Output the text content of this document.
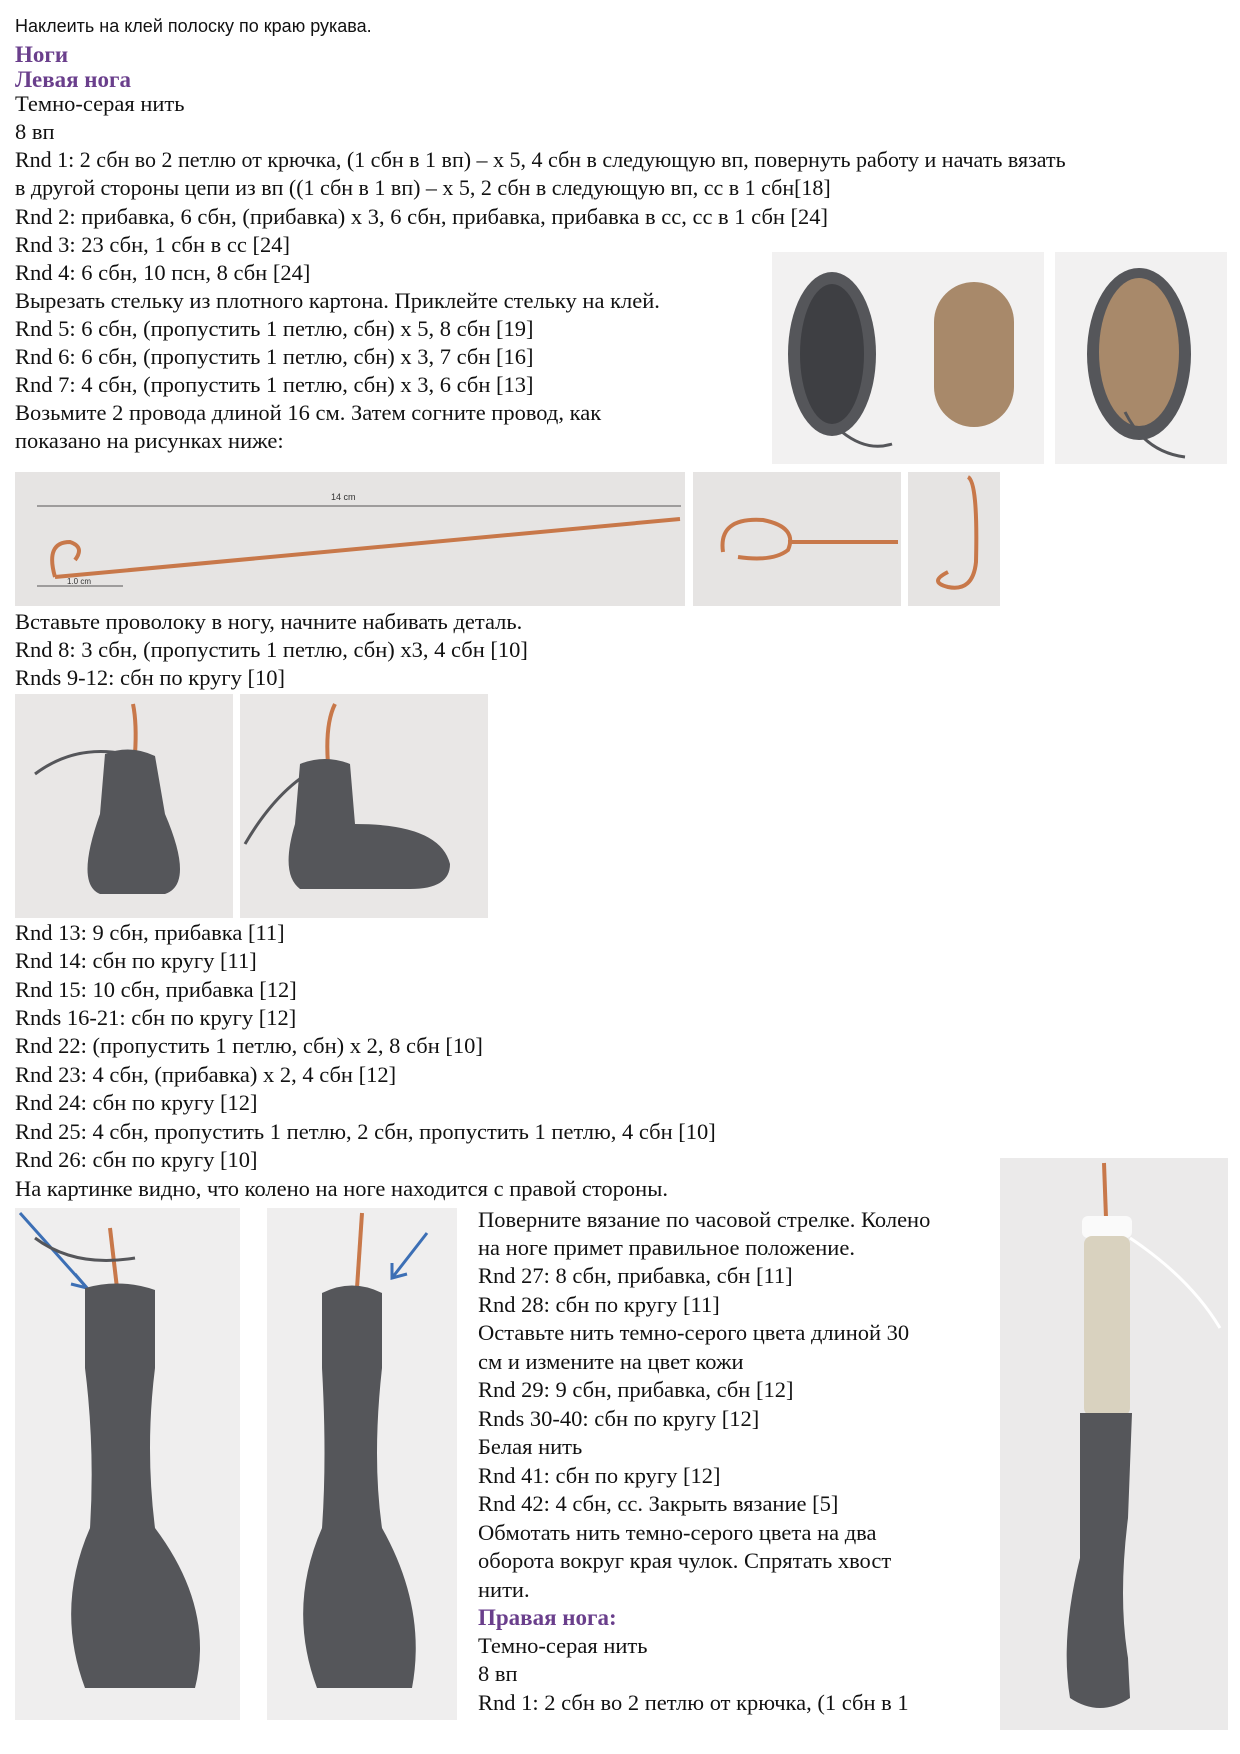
Наклеить на клей полоску по краю рукава.
Ноги
Левая нога
Темно-серая нить
8 вп
Rnd 1: 2 сбн во 2 петлю от крючка, (1 сбн в 1 вп) – х 5, 4 сбн в следующую вп, повернуть работу и начать вязать
в другой стороны цепи из вп ((1 сбн в 1 вп) – х 5, 2 сбн в следующую вп, сс в 1 сбн[18]
Rnd 2: прибавка, 6 сбн, (прибавка) х 3, 6 сбн, прибавка, прибавка в сс, сс в 1 сбн [24]
Rnd 3: 23 сбн, 1 сбн в сс [24]
Rnd 4: 6 сбн, 10 псн, 8 сбн [24]
Вырезать стельку из плотного картона. Приклейте стельку на клей.
Rnd 5: 6 сбн, (пропустить 1 петлю, сбн) х 5, 8 сбн [19]
Rnd 6: 6 сбн, (пропустить 1 петлю, сбн) х 3, 7 сбн [16]
Rnd 7: 4 сбн, (пропустить 1 петлю, сбн) х 3, 6 сбн [13]
Возьмите 2 провода длиной 16 см. Затем согните провод, как
показано на рисунках ниже:
14 cm
1.0 cm
Вставьте проволоку в ногу, начните набивать деталь.
Rnd 8: 3 сбн, (пропустить 1 петлю, сбн) х3, 4 сбн [10]
Rnds 9-12: сбн по кругу [10]
Rnd 13: 9 сбн, прибавка [11]
Rnd 14: сбн по кругу [11]
Rnd 15: 10 сбн, прибавка [12]
Rnds 16-21: сбн по кругу [12]
Rnd 22: (пропустить 1 петлю, сбн) х 2, 8 сбн [10]
Rnd 23: 4 сбн, (прибавка) х 2, 4 сбн [12]
Rnd 24: сбн по кругу [12]
Rnd 25: 4 сбн, пропустить 1 петлю, 2 сбн, пропустить 1 петлю, 4 сбн [10]
Rnd 26: сбн по кругу [10]
На картинке видно, что колено на ноге находится с правой стороны.
Поверните вязание по часовой стрелке. Колено
на ноге примет правильное положение.
Rnd 27: 8 сбн, прибавка, сбн [11]
Rnd 28: сбн по кругу [11]
Оставьте нить темно-серого цвета длиной 30
см и измените на цвет кожи
Rnd 29: 9 сбн, прибавка, сбн [12]
Rnds 30-40: сбн по кругу [12]
Белая нить
Rnd 41: сбн по кругу [12]
Rnd 42: 4 сбн, сс. Закрыть вязание [5]
Обмотать нить темно-серого цвета на два
оборота вокруг края чулок. Спрятать хвост
нити.
Правая нога:
Темно-серая нить
8 вп
Rnd 1: 2 сбн во 2 петлю от крючка, (1 сбн в 1
